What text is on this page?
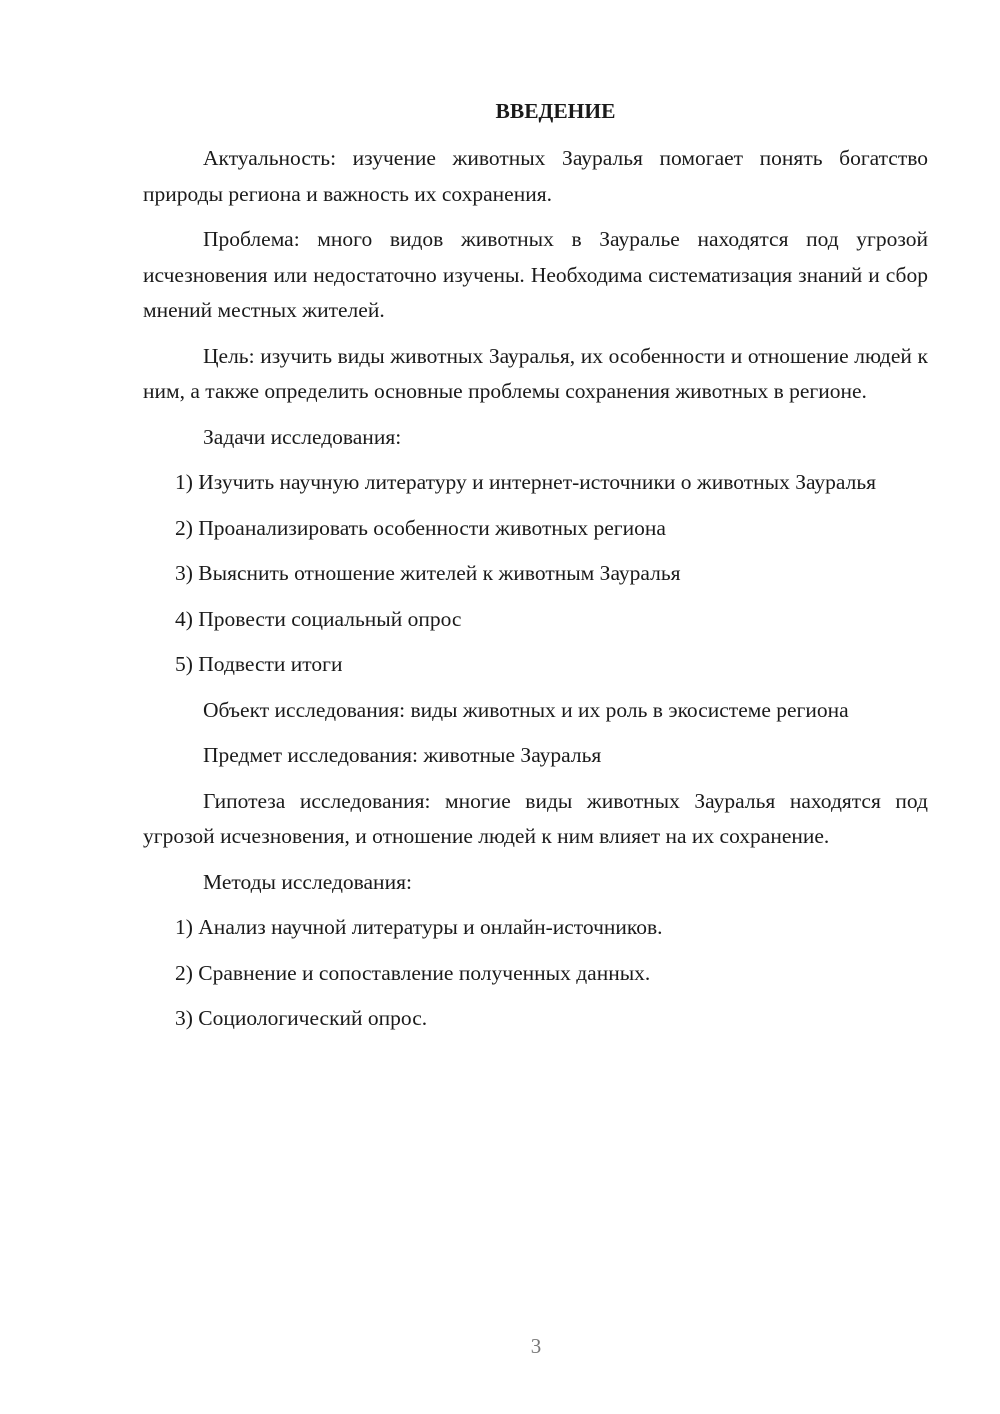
ВВЕДЕНИЕ

Актуальность: изучение животных Зауралья помогает понять богатство природы региона и важность их сохранения.

Проблема: много видов животных в Зауралье находятся под угрозой исчезновения или недостаточно изучены. Необходима систематизация знаний и сбор мнений местных жителей.

Цель: изучить виды животных Зауралья, их особенности и отношение людей к ним, а также определить основные проблемы сохранения животных в регионе.

Задачи исследования:

1) Изучить научную литературу и интернет-источники о животных Зауралья

2) Проанализировать особенности животных региона

3) Выяснить отношение жителей к животным Зауралья

4) Провести социальный опрос

5) Подвести итоги

Объект исследования: виды животных и их роль в экосистеме региона

Предмет исследования: животные Зауралья

Гипотеза исследования: многие виды животных Зауралья находятся под угрозой исчезновения, и отношение людей к ним влияет на их сохранение.

Методы исследования:

1) Анализ научной литературы и онлайн-источников.

2) Сравнение и сопоставление полученных данных.

3) Социологический опрос.

3
